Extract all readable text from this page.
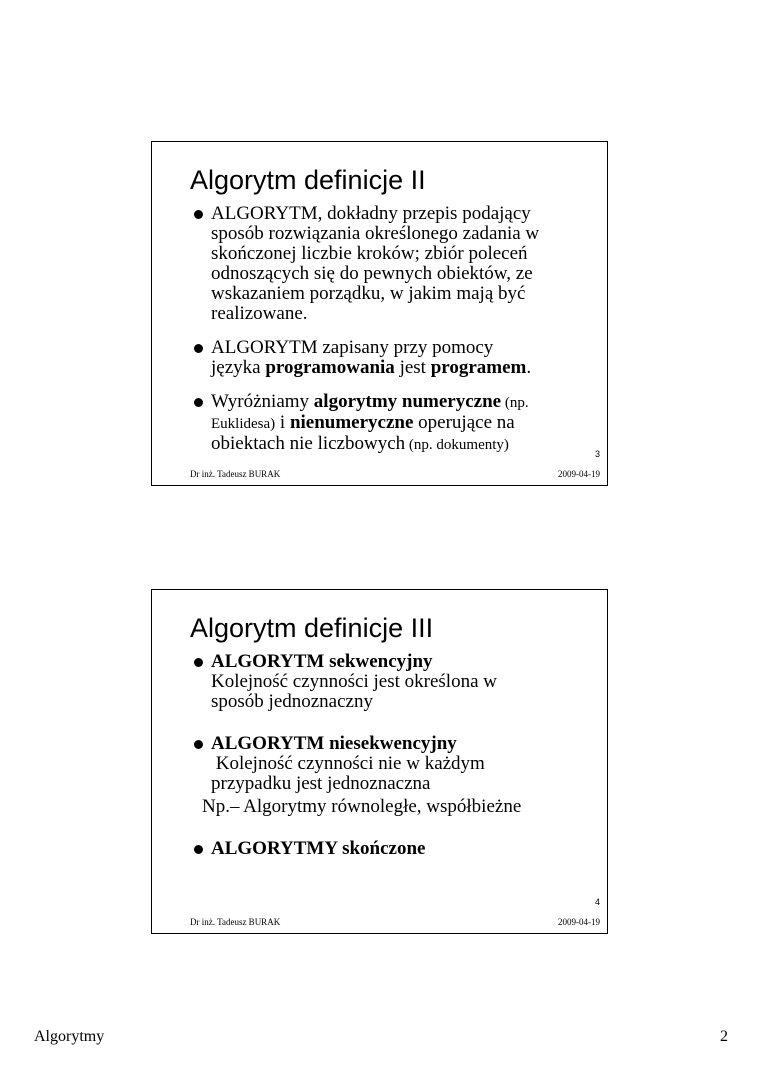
Algorytm definicje II
ALGORYTM, dokładny przepis podający
sposób rozwiązania określonego zadania w
skończonej liczbie kroków; zbiór poleceń
odnoszących się do pewnych obiektów, ze
wskazaniem porządku, w jakim mają być
realizowane.
ALGORYTM zapisany przy pomocy
języka programowania jest programem.
Wyróżniamy algorytmy numeryczne (np.
Euklidesa) i nienumeryczne operujące na
obiektach nie liczbowych (np. dokumenty)
3
Dr inż. Tadeusz BURAK	2009-04-19
Algorytm definicje III
ALGORYTM sekwencyjny
Kolejność czynności jest określona w
sposób jednoznaczny
ALGORYTM niesekwencyjny
Kolejność czynności nie w każdym
przypadku jest jednoznaczna
Np.– Algorytmy równoległe, współbieżne
ALGORYTMY skończone
4
Dr inż. Tadeusz BURAK	2009-04-19
Algorytmy	2
